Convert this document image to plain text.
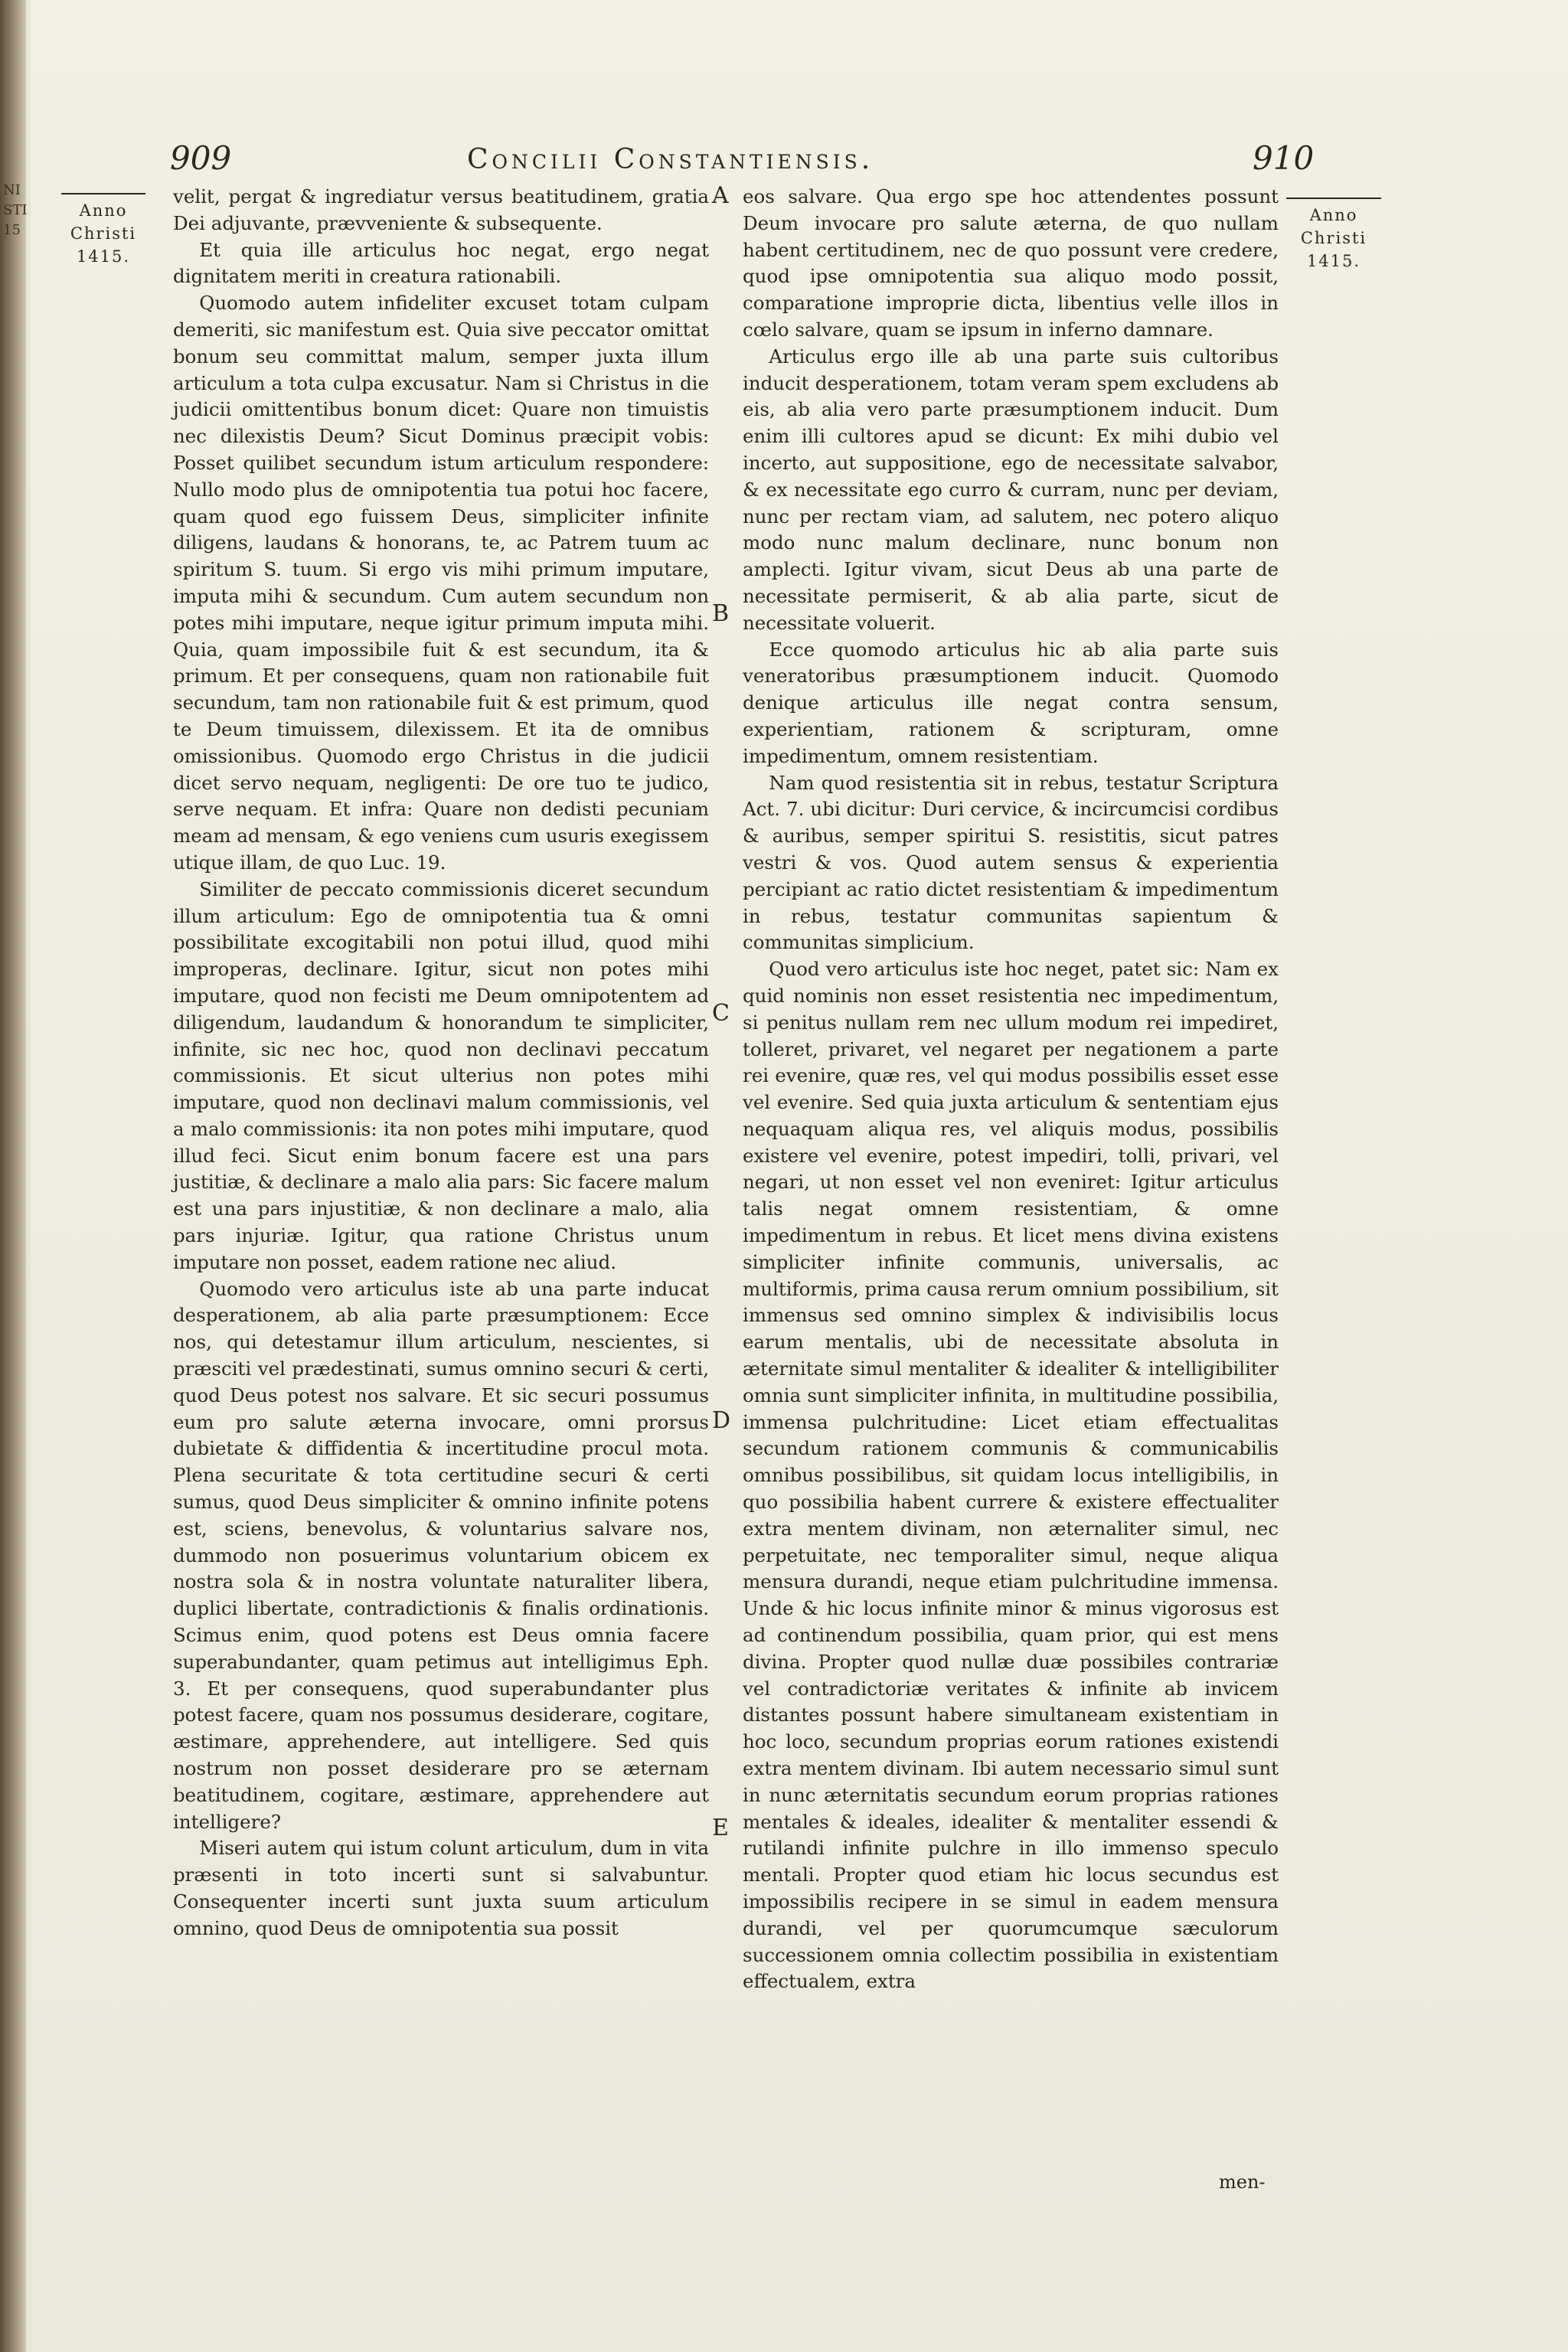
NI
STI
15
909	Concilii Constantiensis.	910
Anno
Christi
1415.
Anno
Christi
1415.
A
B
C
D
E

velit, pergat & ingrediatur versus beatitudinem, gratia Dei adjuvante, prævveniente & subsequente.

Et quia ille articulus hoc negat, ergo negat dignitatem meriti in creatura rationabili.

Quomodo autem infideliter excuset totam culpam demeriti, sic manifestum est. Quia sive peccator omittat bonum seu committat malum, semper juxta illum articulum a tota culpa excusatur. Nam si Christus in die judicii omittentibus bonum dicet: Quare non timuistis nec dilexistis Deum? Sicut Dominus præcipit vobis: Posset quilibet secundum istum articulum respondere: Nullo modo plus de omnipotentia tua potui hoc facere, quam quod ego fuissem Deus, simpliciter infinite diligens, laudans & honorans, te, ac Patrem tuum ac spiritum S. tuum. Si ergo vis mihi primum imputare, imputa mihi & secundum. Cum autem secundum non potes mihi imputare, neque igitur primum imputa mihi. Quia, quam impossibile fuit & est secundum, ita & primum. Et per consequens, quam non rationabile fuit secundum, tam non rationabile fuit & est primum, quod te Deum timuissem, dilexissem. Et ita de omnibus omissionibus. Quomodo ergo Christus in die judicii dicet servo nequam, negligenti: De ore tuo te judico, serve nequam. Et infra: Quare non dedisti pecuniam meam ad mensam, & ego veniens cum usuris exegissem utique illam, de quo Luc. 19.

Similiter de peccato commissionis diceret secundum illum articulum: Ego de omnipotentia tua & omni possibilitate excogitabili non potui illud, quod mihi improperas, declinare. Igitur, sicut non potes mihi imputare, quod non fecisti me Deum omnipotentem ad diligendum, laudandum & honorandum te simpliciter, infinite, sic nec hoc, quod non declinavi peccatum commissionis. Et sicut ulterius non potes mihi imputare, quod non declinavi malum commissionis, vel a malo commissionis: ita non potes mihi imputare, quod illud feci. Sicut enim bonum facere est una pars justitiæ, & declinare a malo alia pars: Sic facere malum est una pars injustitiæ, & non declinare a malo, alia pars injuriæ. Igitur, qua ratione Christus unum imputare non posset, eadem ratione nec aliud.

Quomodo vero articulus iste ab una parte inducat desperationem, ab alia parte præsumptionem: Ecce nos, qui detestamur illum articulum, nescientes, si præsciti vel prædestinati, sumus omnino securi & certi, quod Deus potest nos salvare. Et sic securi possumus eum pro salute æterna invocare, omni prorsus dubietate & diffidentia & incertitudine procul mota. Plena securitate & tota certitudine securi & certi sumus, quod Deus simpliciter & omnino infinite potens est, sciens, benevolus, & voluntarius salvare nos, dummodo non posuerimus voluntarium obicem ex nostra sola & in nostra voluntate naturaliter libera, duplici libertate, contradictionis & finalis ordinationis. Scimus enim, quod potens est Deus omnia facere superabundanter, quam petimus aut intelligimus Eph. 3. Et per consequens, quod superabundanter plus potest facere, quam nos possumus desiderare, cogitare, æstimare, apprehendere, aut intelligere. Sed quis nostrum non posset desiderare pro se æternam beatitudinem, cogitare, æstimare, apprehendere aut intelligere?

Miseri autem qui istum colunt articulum, dum in vita præsenti in toto incerti sunt si salvabuntur. Consequenter incerti sunt juxta suum articulum omnino, quod Deus de omnipotentia sua possit

eos salvare. Qua ergo spe hoc attendentes possunt Deum invocare pro salute æterna, de quo nullam habent certitudinem, nec de quo possunt vere credere, quod ipse omnipotentia sua aliquo modo possit, comparatione improprie dicta, libentius velle illos in cœlo salvare, quam se ipsum in inferno damnare.

Articulus ergo ille ab una parte suis cultoribus inducit desperationem, totam veram spem excludens ab eis, ab alia vero parte præsumptionem inducit. Dum enim illi cultores apud se dicunt: Ex mihi dubio vel incerto, aut suppositione, ego de necessitate salvabor, & ex necessitate ego curro & curram, nunc per deviam, nunc per rectam viam, ad salutem, nec potero aliquo modo nunc malum declinare, nunc bonum non amplecti. Igitur vivam, sicut Deus ab una parte de necessitate permiserit, & ab alia parte, sicut de necessitate voluerit.

Ecce quomodo articulus hic ab alia parte suis veneratoribus præsumptionem inducit. Quomodo denique articulus ille negat contra sensum, experientiam, rationem & scripturam, omne impedimentum, omnem resistentiam.

Nam quod resistentia sit in rebus, testatur Scriptura Act. 7. ubi dicitur: Duri cervice, & incircumcisi cordibus & auribus, semper spiritui S. resistitis, sicut patres vestri & vos. Quod autem sensus & experientia percipiant ac ratio dictet resistentiam & impedimentum in rebus, testatur communitas sapientum & communitas simplicium.

Quod vero articulus iste hoc neget, patet sic: Nam ex quid nominis non esset resistentia nec impedimentum, si penitus nullam rem nec ullum modum rei impediret, tolleret, privaret, vel negaret per negationem a parte rei evenire, quæ res, vel qui modus possibilis esset esse vel evenire. Sed quia juxta articulum & sententiam ejus nequaquam aliqua res, vel aliquis modus, possibilis existere vel evenire, potest impediri, tolli, privari, vel negari, ut non esset vel non eveniret: Igitur articulus talis negat omnem resistentiam, & omne impedimentum in rebus. Et licet mens divina existens simpliciter infinite communis, universalis, ac multiformis, prima causa rerum omnium possibilium, sit immensus sed omnino simplex & indivisibilis locus earum mentalis, ubi de necessitate absoluta in æternitate simul mentaliter & idealiter & intelligibiliter omnia sunt simpliciter infinita, in multitudine possibilia, immensa pulchritudine: Licet etiam effectualitas secundum rationem communis & communicabilis omnibus possibilibus, sit quidam locus intelligibilis, in quo possibilia habent currere & existere effectualiter extra mentem divinam, non æternaliter simul, nec perpetuitate, nec temporaliter simul, neque aliqua mensura durandi, neque etiam pulchritudine immensa. Unde & hic locus infinite minor & minus vigorosus est ad continendum possibilia, quam prior, qui est mens divina. Propter quod nullæ duæ possibiles contrariæ vel contradictoriæ veritates & infinite ab invicem distantes possunt habere simultaneam existentiam in hoc loco, secundum proprias eorum rationes existendi extra mentem divinam. Ibi autem necessario simul sunt in nunc æternitatis secundum eorum proprias rationes mentales & ideales, idealiter & mentaliter essendi & rutilandi infinite pulchre in illo immenso speculo mentali. Propter quod etiam hic locus secundus est impossibilis recipere in se simul in eadem mensura durandi, vel per quorumcumque sæculorum successionem omnia collectim possibilia in existentiam effectualem, extra

men-
